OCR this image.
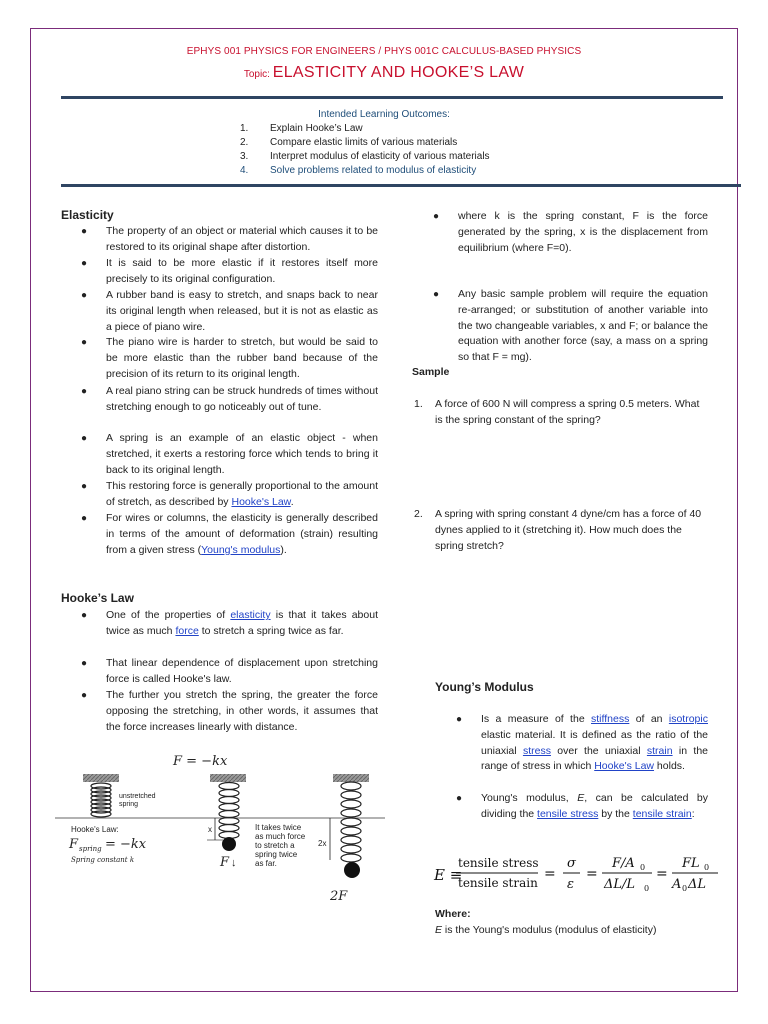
EPHYS 001 PHYSICS FOR ENGINEERS / PHYS 001C CALCULUS-BASED PHYSICS
Topic: ELASTICITY AND HOOKE’S LAW
Intended Learning Outcomes:
1. Explain Hooke’s Law
2. Compare elastic limits of various materials
3. Interpret modulus of elasticity of various materials
4. Solve problems related to modulus of elasticity
Elasticity
● The property of an object or material which causes it to be restored to its original shape after distortion.
● It is said to be more elastic if it restores itself more precisely to its original configuration.
● A rubber band is easy to stretch, and snaps back to near its original length when released, but it is not as elastic as a piece of piano wire.
● The piano wire is harder to stretch, but would be said to be more elastic than the rubber band because of the precision of its return to its original length.
● A real piano string can be struck hundreds of times without stretching enough to go noticeably out of tune.
● A spring is an example of an elastic object - when stretched, it exerts a restoring force which tends to bring it back to its original length.
● This restoring force is generally proportional to the amount of stretch, as described by Hooke's Law.
● For wires or columns, the elasticity is generally described in terms of the amount of deformation (strain) resulting from a given stress (Young's modulus).
Hooke’s Law
● One of the properties of elasticity is that it takes about twice as much force to stretch a spring twice as far.
● That linear dependence of displacement upon stretching force is called Hooke's law.
● The further you stretch the spring, the greater the force opposing the stretching, in other words, it assumes that the force increases linearly with distance.
F = −kx
unstretched
spring
x
F ↓
It takes twice
as much force
to stretch a
spring twice
as far.
2x
2F
Hooke's Law:
F spring = −kx
Spring constant k
● where k is the spring constant, F is the force generated by the spring, x is the displacement from equilibrium (where F=0).
● Any basic sample problem will require the equation re-arranged; or substitution of another variable into the two changeable variables, x and F; or balance the equation with another force (say, a mass on a spring so that F = mg).
Sample
1. A force of 600 N will compress a spring 0.5 meters. What is the spring constant of the spring?
2. A spring with spring constant 4 dyne/cm has a force of 40 dynes applied to it (stretching it). How much does the spring stretch?
Young’s Modulus
● Is a measure of the stiffness of an isotropic elastic material. It is defined as the ratio of the uniaxial stress over the uniaxial strain in the range of stress in which Hooke's Law holds.
● Young's modulus, E, can be calculated by dividing the tensile stress by the tensile strain:
E ≡
tensile stress
tensile strain
=
σ
ε
=
F/A 0
ΔL/L 0
=
FL 0
A 0 ΔL
Where:
E is the Young's modulus (modulus of elasticity)
